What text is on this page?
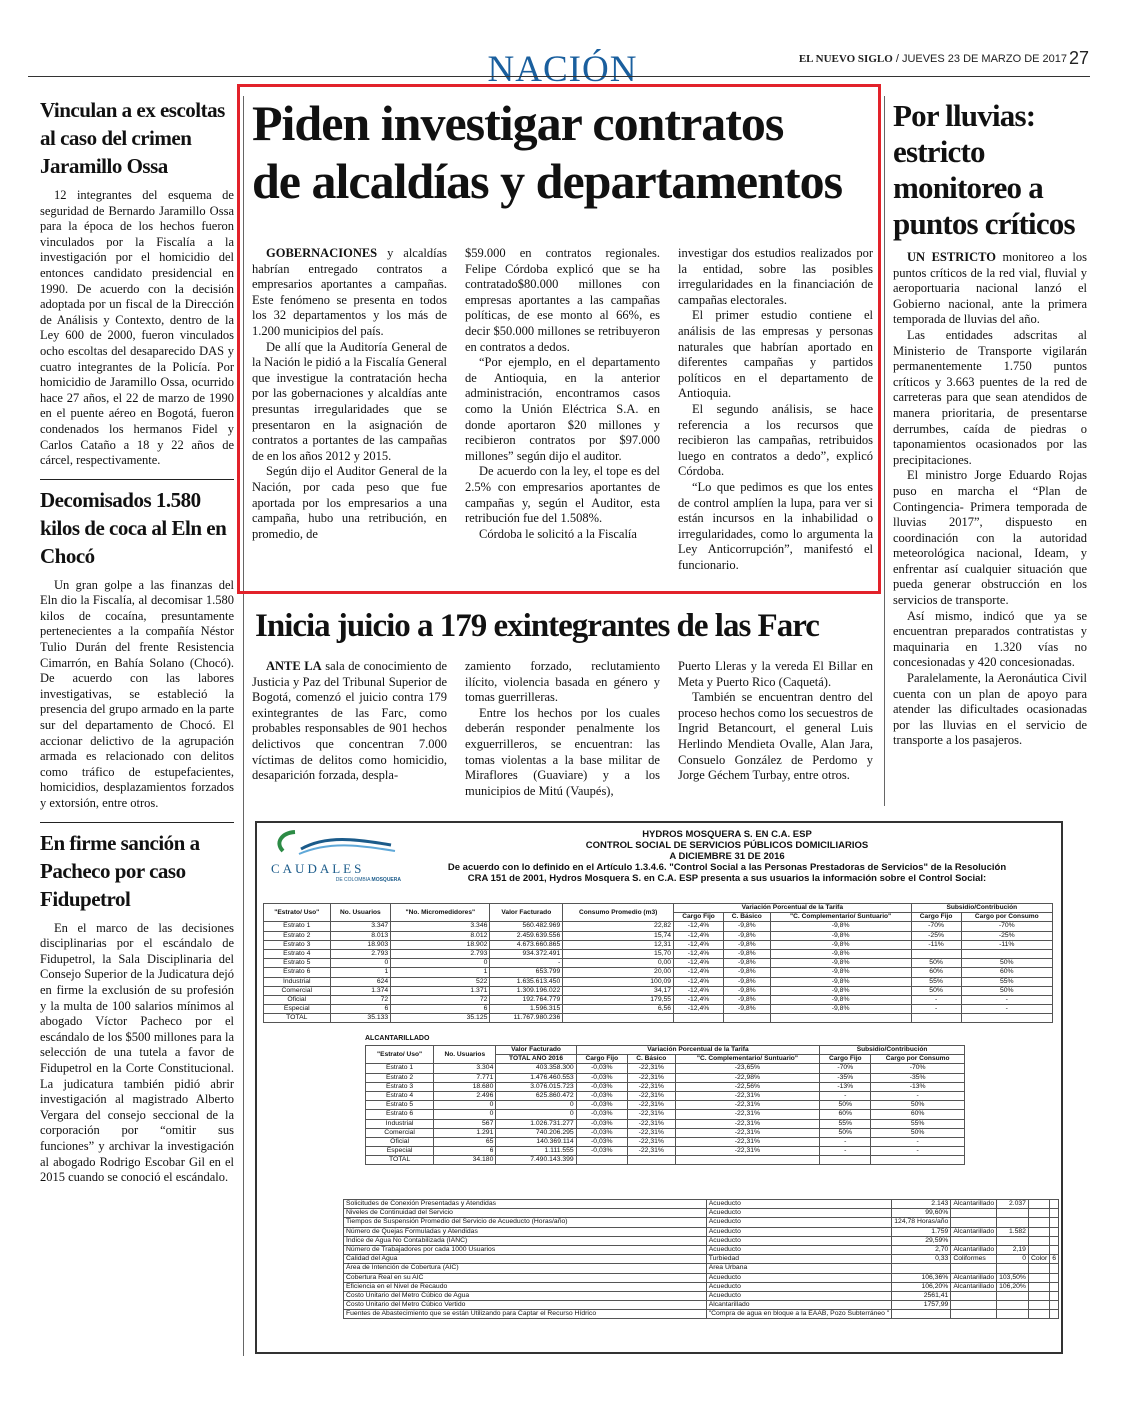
NACIÓN	EL NUEVO SIGLO / JUEVES 23 DE MARZO DE 2017 27
Vinculan a ex escoltas al caso del crimen Jaramillo Ossa

12 integrantes del esquema de seguridad de Bernardo Jaramillo Ossa para la época de los hechos fueron vinculados por la Fiscalía a la investigación por el homicidio del entonces candidato presidencial en 1990. De acuerdo con la decisión adoptada por un fiscal de la Dirección de Análisis y Contexto, dentro de la Ley 600 de 2000, fueron vinculados ocho escoltas del desaparecido DAS y cuatro integrantes de la Policía. Por homicidio de Jaramillo Ossa, ocurrido hace 27 años, el 22 de marzo de 1990 en el puente aéreo en Bogotá, fueron condenados los hermanos Fidel y Carlos Cataño a 18 y 22 años de cárcel, respectivamente.

Decomisados 1.580 kilos de coca al Eln en Chocó

Un gran golpe a las finanzas del Eln dio la Fiscalía, al decomisar 1.580 kilos de cocaína, presuntamente pertenecientes a la compañía Néstor Tulio Durán del frente Resistencia Cimarrón, en Bahía Solano (Chocó). De acuerdo con las labores investigativas, se estableció la presencia del grupo armado en la parte sur del departamento de Chocó. El accionar delictivo de la agrupación armada es relacionado con delitos como tráfico de estupefacientes, homicidios, desplazamientos forzados y extorsión, entre otros.

En firme sanción a Pacheco por caso Fidupetrol

En el marco de las decisiones disciplinarias por el escándalo de Fidupetrol, la Sala Disciplinaria del Consejo Superior de la Judicatura dejó en firme la exclusión de su profesión y la multa de 100 salarios mínimos al abogado Víctor Pacheco por el escándalo de los $500 millones para la selección de una tutela a favor de Fidupetrol en la Corte Constitucional. La judicatura también pidió abrir investigación al magistrado Alberto Vergara del consejo seccional de la corporación por “omitir sus funciones” y archivar la investigación al abogado Rodrigo Escobar Gil en el 2015 cuando se conoció el escándalo.

Piden investigar contratos
de alcaldías y departamentos

GOBERNACIONES y alcaldías habrían entregado contratos a empresarios aportantes a campañas. Este fenómeno se presenta en todos los 32 departamentos y los más de 1.200 municipios del país.

De allí que la Auditoría General de la Nación le pidió a la Fiscalía General que investigue la contratación hecha por las gobernaciones y alcaldías ante presuntas irregularidades que se presentaron en la asignación de contratos a portantes de las campañas de en los años 2012 y 2015.

Según dijo el Auditor General de la Nación, por cada peso que fue aportada por los empresarios a una campaña, hubo una retribución, en promedio, de

$59.000 en contratos regionales. Felipe Córdoba explicó que se ha contratado$80.000 millones con empresas aportantes a las campañas políticas, de ese monto al 66%, es decir $50.000 millones se retribuyeron en contratos a dedos.

“Por ejemplo, en el departamento de Antioquia, en la anterior administración, encontramos casos como la Unión Eléctrica S.A. en donde aportaron $20 millones y recibieron contratos por $97.000 millones” según dijo el auditor.

De acuerdo con la ley, el tope es del 2.5% con empresarios aportantes de campañas y, según el Auditor, esta retribución fue del 1.508%.

Córdoba le solicitó a la Fiscalía

investigar dos estudios realizados por la entidad, sobre las posibles irregularidades en la financiación de campañas electorales.

El primer estudio contiene el análisis de las empresas y personas naturales que habrían aportado en diferentes campañas y partidos políticos en el departamento de Antioquia.

El segundo análisis, se hace referencia a los recursos que recibieron las campañas, retribuidos luego en contratos a dedo”, explicó Córdoba.

“Lo que pedimos es que los entes de control amplíen la lupa, para ver si están incursos en la inhabilidad o irregularidades, como lo argumenta la Ley Anticorrupción”, manifestó el funcionario.

Inicia juicio a 179 exintegrantes de las Farc

ANTE LA sala de conocimiento de Justicia y Paz del Tribunal Superior de Bogotá, comenzó el juicio contra 179 exintegrantes de las Farc, como probables responsables de 901 hechos delictivos que concentran 7.000 víctimas de delitos como homicidio, desaparición forzada, despla-

zamiento forzado, reclutamiento ilícito, violencia basada en género y tomas guerrilleras.

Entre los hechos por los cuales deberán responder penalmente los exguerrilleros, se encuentran: las tomas violentas a la base militar de Miraflores (Guaviare) y a los municipios de Mitú (Vaupés),

Puerto Lleras y la vereda El Billar en Meta y Puerto Rico (Caquetá).

También se encuentran dentro del proceso hechos como los secuestros de Ingrid Betancourt, el general Luis Herlindo Mendieta Ovalle, Alan Jara, Consuelo González de Perdomo y Jorge Géchem Turbay, entre otros.

Por lluvias: estricto monitoreo a puntos críticos

UN ESTRICTO monitoreo a los puntos críticos de la red vial, fluvial y aeroportuaria nacional lanzó el Gobierno nacional, ante la primera temporada de lluvias del año.

Las entidades adscritas al Ministerio de Transporte vigilarán permanentemente 1.750 puntos críticos y 3.663 puentes de la red de carreteras para que sean atendidos de manera prioritaria, de presentarse derrumbes, caída de piedras o taponamientos ocasionados por las precipitaciones.

El ministro Jorge Eduardo Rojas puso en marcha el “Plan de Contingencia- Primera temporada de lluvias 2017”, dispuesto en coordinación con la autoridad meteorológica nacional, Ideam, y enfrentar así cualquier situación que pueda generar obstrucción en los servicios de transporte.

Así mismo, indicó que ya se encuentran preparados contratistas y maquinaria en 1.320 vías no concesionadas y 420 concesionadas.

Paralelamente, la Aeronáutica Civil cuenta con un plan de apoyo para atender las dificultades ocasionadas por las lluvias en el servicio de transporte a los pasajeros.

CAUDALES
DE COLOMBIA MOSQUERA
HYDROS MOSQUERA S. EN C.A. ESP
CONTROL SOCIAL DE SERVICIOS PÚBLICOS DOMICILIARIOS
A DICIEMBRE 31 DE 2016
De acuerdo con lo definido en el Artículo 1.3.4.6. "Control Social a las Personas Prestadoras de Servicios" de la Resolución
CRA 151 de 2001, Hydros Mosquera S. en C.A. ESP presenta a sus usuarios la información sobre el Control Social:
"Estrato/ Uso"	No. Usuarios	"No. Micromedidores"	Valor Facturado	Consumo Promedio (m3)	Variación Porcentual de la Tarifa			Subsidio/Contribución	
					Cargo Fijo	C. Básico	"C. Complementario/ Suntuario"	Cargo Fijo	Cargo por Consumo
Estrato 1	3.347	3.346	560.482.969	22,82	-12,4%	-9,8%	-9,8%	-70%	-70%
Estrato 2	8.013	8.012	2.459.639.556	15,74	-12,4%	-9,8%	-9,8%	-25%	-25%
Estrato 3	18.903	18.902	4.673.660.865	12,31	-12,4%	-9,8%	-9,8%	-11%	-11%
Estrato 4	2.793	2.793	934.372.491	15,70	-12,4%	-9,8%	-9,8%		
Estrato 5	0	0	-	0,00	-12,4%	-9,8%	-9,8%	50%	50%
Estrato 6	1	1	653.799	20,00	-12,4%	-9,8%	-9,8%	60%	60%
Industrial	624	522	1.635.613.450	100,09	-12,4%	-9,8%	-9,8%	55%	55%
Comercial	1.374	1.371	1.309.196.022	34,17	-12,4%	-9,8%	-9,8%	50%	50%
Oficial	72	72	192.764.779	179,55	-12,4%	-9,8%	-9,8%	-	-
Especial	6	6	1.596.315	6,56	-12,4%	-9,8%	-9,8%	-	-
TOTAL	35.133	35.125	11.767.980.236						
ALCANTARILLADO
"Estrato/ Uso"	No. Usuarios	Valor Facturado	Variación Porcentual de la Tarifa			Subsidio/Contribución	
		TOTAL AÑO 2016	Cargo Fijo	C. Básico	"C. Complementario/ Suntuario"	Cargo Fijo	Cargo por Consumo
Estrato 1	3.304	403.358.300	-0,03%	-22,31%	-23,65%	-70%	-70%
Estrato 2	7.771	1.476.460.553	-0,03%	-22,31%	-22,98%	-35%	-35%
Estrato 3	18.680	3.076.015.723	-0,03%	-22,31%	-22,56%	-13%	-13%
Estrato 4	2.496	625.860.472	-0,03%	-22,31%	-22,31%	-	-
Estrato 5	0	0	-0,03%	-22,31%	-22,31%	50%	50%
Estrato 6	0	0	-0,03%	-22,31%	-22,31%	60%	60%
Industrial	567	1.026.731.277	-0,03%	-22,31%	-22,31%	55%	55%
Comercial	1.291	740.206.295	-0,03%	-22,31%	-22,31%	50%	50%
Oficial	65	140.369.114	-0,03%	-22,31%	-22,31%	-	-
Especial	6	1.111.555	-0,03%	-22,31%	-22,31%	-	-
TOTAL	34.180	7.490.143.399					
Solicitudes de Conexión Presentadas y Atendidas	Acueducto	2.143	Alcantarillado	2.037		
Niveles de Continuidad del Servicio	Acueducto	99,60%				
Tiempos de Suspensión Promedio del Servicio de Acueducto (Horas/año)	Acueducto	124,78 Horas/año				
Número de Quejas Formuladas y Atendidas	Acueducto	1.759	Alcantarillado	1.582		
Índice de Agua No Contabilizada (IANC)	Acueducto	29,59%				
Número de Trabajadores por cada 1000 Usuarios	Acueducto	2,70	Alcantarillado	2,19		
Calidad del Agua	Turbiedad	0,33	Coliformes	0	Color	6
Área de Intención de Cobertura (AIC)	Area Urbana					
Cobertura Real en su AIC	Acueducto	106,36%	Alcantarillado	103,50%		
Eficiencia en el Nivel de Recaudo	Acueducto	106,20%	Alcantarillado	106,20%		
Costo Unitario del Metro Cúbico de Agua	Acueducto	2561,41				
Costo Unitario del Metro Cúbico Vertido	Alcantarillado	1757,99				
Fuentes de Abastecimiento que se están Utilizando para Captar el Recurso Hídrico	"Compra de agua en bloque a la EAAB, Pozo Subterráneo "					
